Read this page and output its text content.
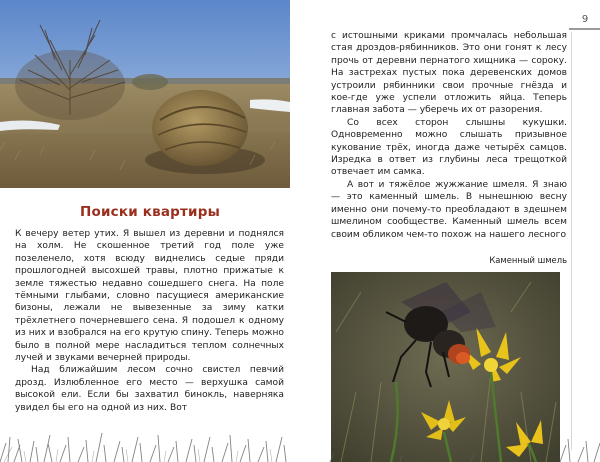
9
Поиски квартиры

К вечеру ветер утих. Я вышел из деревни и поднялся на холм. Не скошенное третий год поле уже позеленело, хотя всюду виднелись седые пряди прошлогодней высохшей травы, плотно прижатые к земле тяжестью недавно сошедшего снега. На поле тёмными глыбами, словно пасущиеся американские бизоны, лежали не вывезенные за зиму катки трёхлетнего почерневшего сена. Я подошел к одному из них и взобрался на его крутую спину. Теперь можно было в полной мере насладиться теплом солнечных лучей и звуками вечерней природы.

Над ближайшим лесом сочно свистел певчий дрозд. Излюбленное его место — верхушка самой высокой ели. Если бы захватил бинокль, наверняка увидел бы его на одной из них. Вот

с истошными криками промчалась небольшая стая дроздов-рябинников. Это они гонят к лесу прочь от деревни пернатого хищника — сороку. На застрехах пустых пока деревенских домов устроили рябинники свои прочные гнёзда и кое-где уже успели отложить яйца. Теперь главная забота — уберечь их от разорения.

Со всех сторон слышны кукушки. Одновременно можно слышать призывное кукование трёх, иногда даже четырёх самцов. Изредка в ответ из глубины леса трещоткой отвечает им самка.

А вот и тяжёлое жужжание шмеля. Я знаю — это каменный шмель. В нынешнюю весну именно они почему-то преобладают в здешнем шмелином сообществе. Каменный шмель всем своим обликом чем-то похож на нашего лесного

Каменный шмель
